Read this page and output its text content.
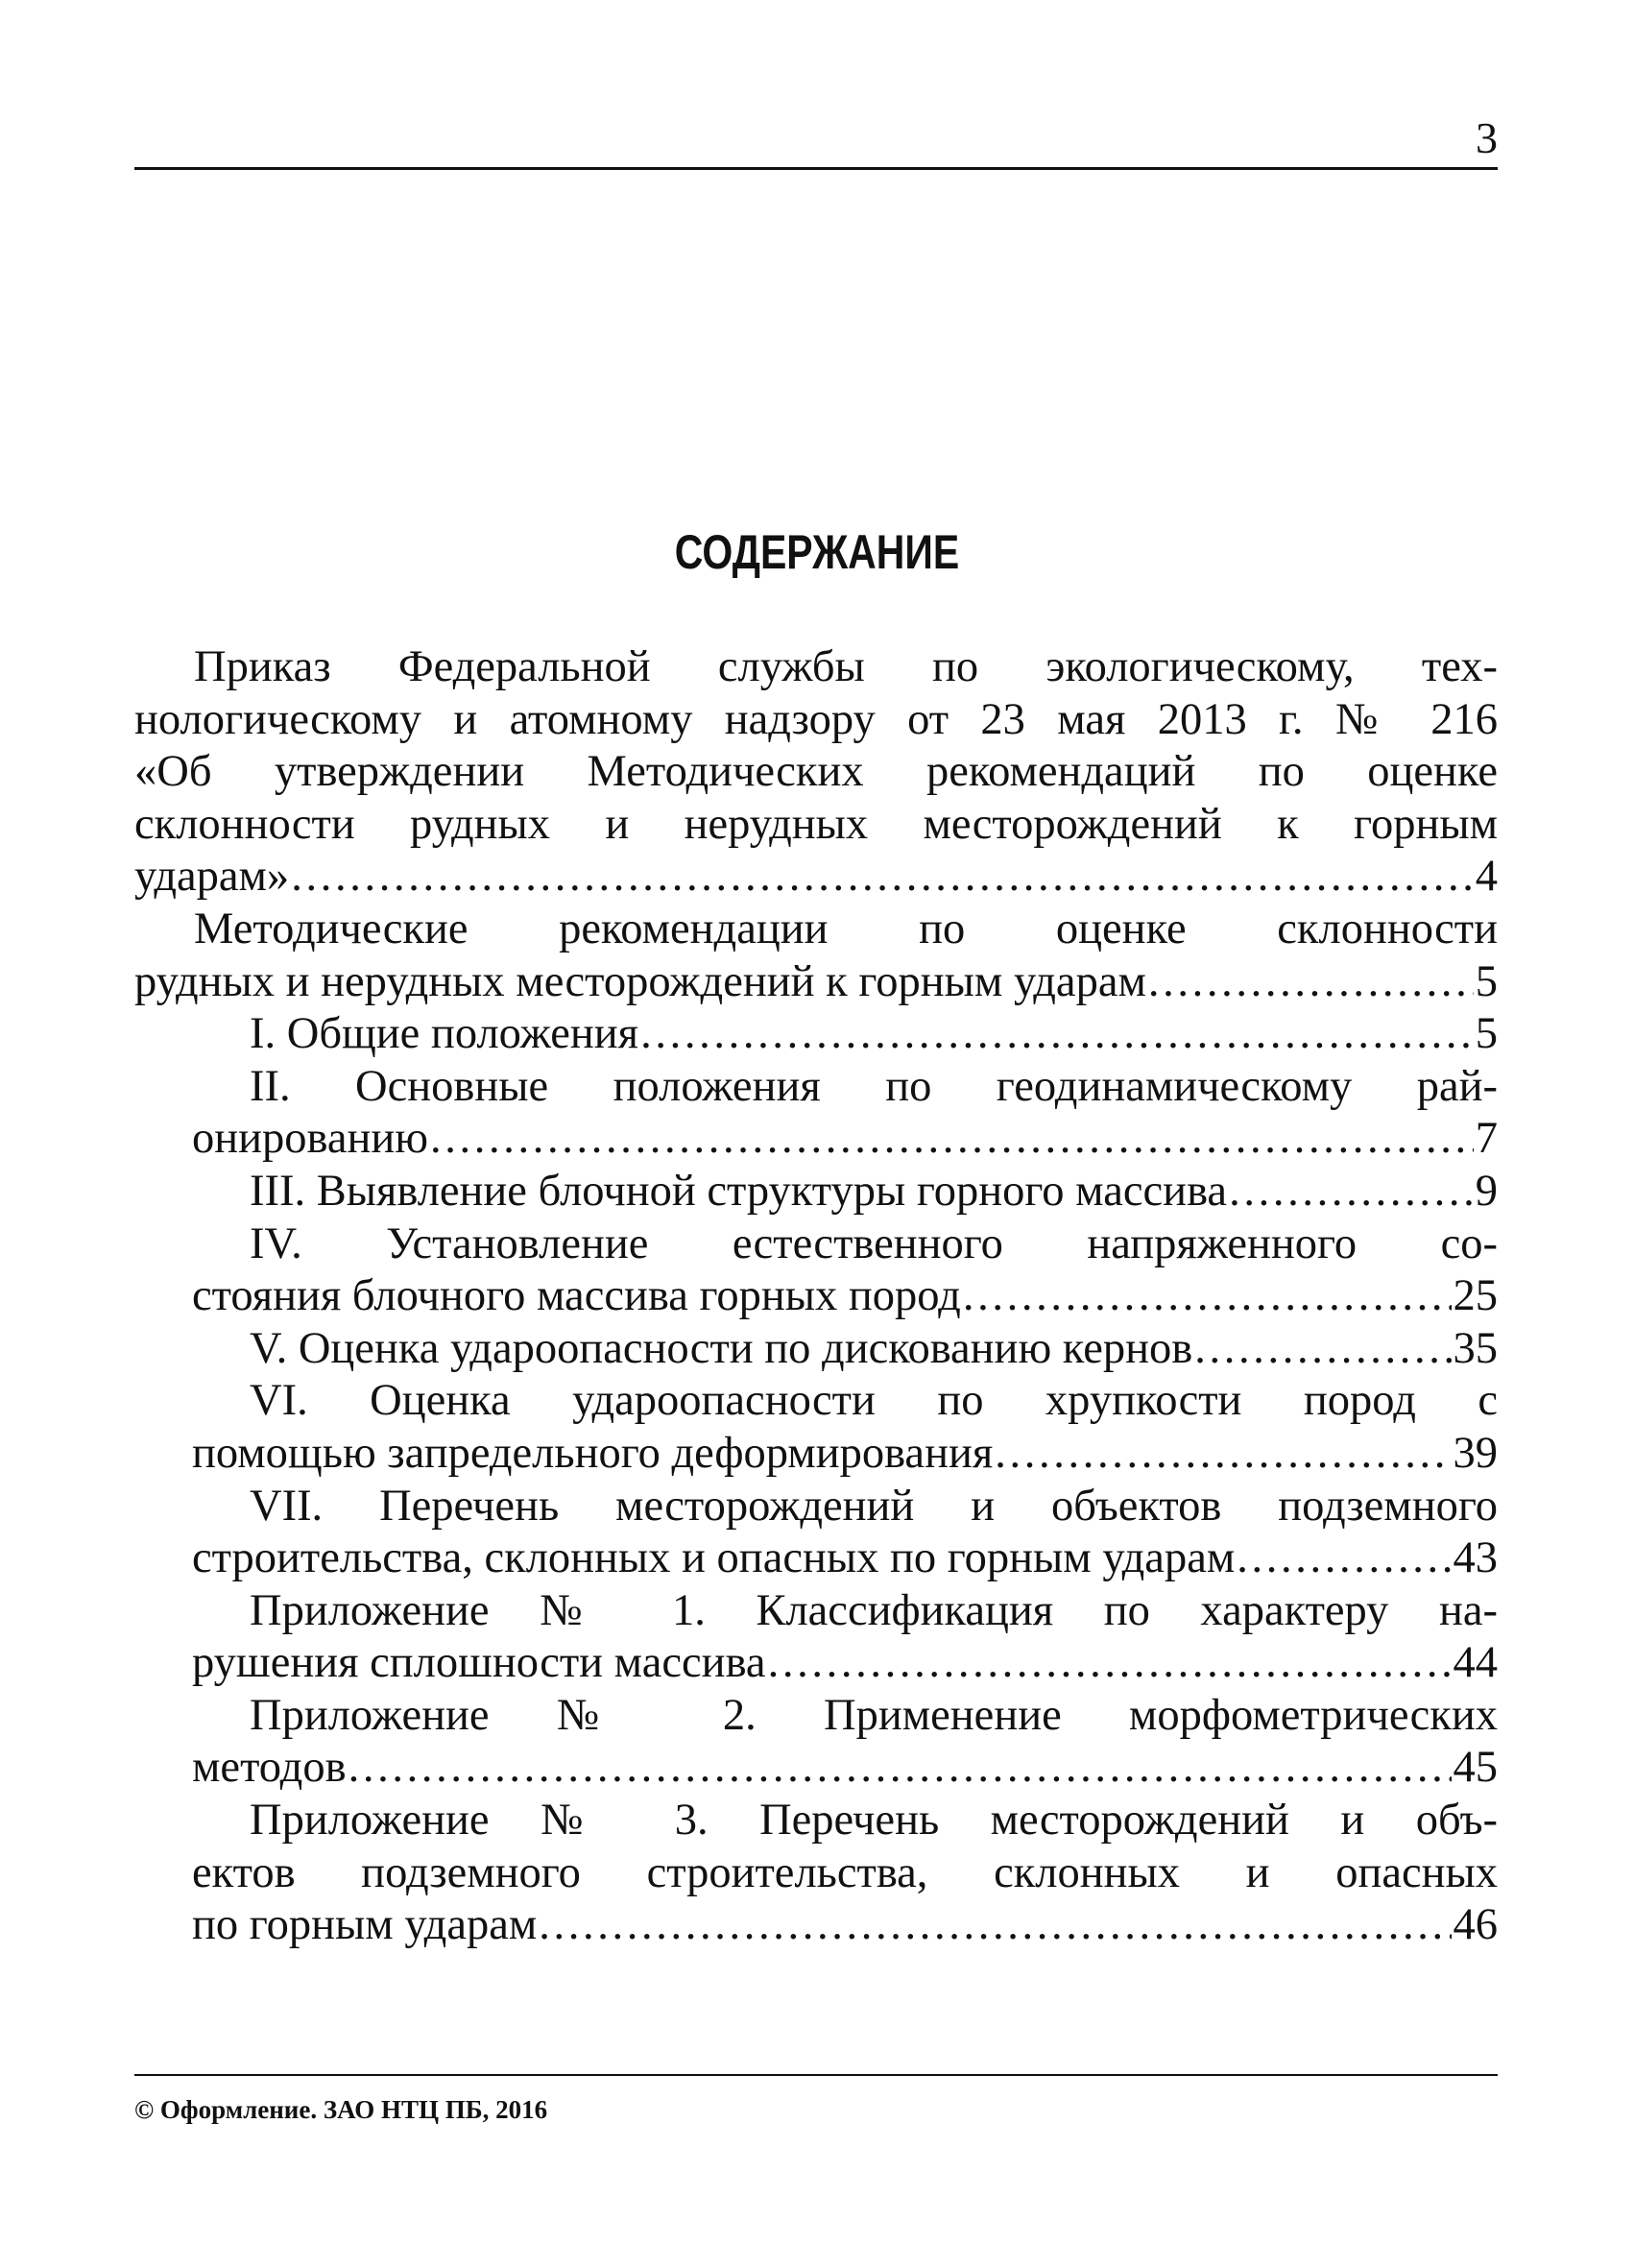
3
СОДЕРЖАНИЕ
Приказ Федеральной службы по экологическому, тех-
нологическому и атомному надзору от 23 мая 2013 г. № 216
«Об утверждении Методических рекомендаций по оценке
склонности рудных и нерудных месторождений к горным
ударам» . . .	4
Методические рекомендации по оценке склонности
рудных и нерудных месторождений к горным ударам . . .	5
I. Общие положения . . .	5
II. Основные положения по геодинамическому рай-
онированию . . .	7
III. Выявление блочной структуры горного массива . . .	9
IV. Установление естественного напряженного со-
стояния блочного массива горных пород . . .	25
V. Оценка удароопасности по дискованию кернов . . .	35
VI. Оценка удароопасности по хрупкости пород с
помощью запредельного деформирования . . .	39
VII. Перечень месторождений и объектов подземного
строительства, склонных и опасных по горным ударам . . .	43
Приложение № 1. Классификация по характеру на-
рушения сплошности массива . . .	44
Приложение № 2. Применение морфометрических
методов . . .	45
Приложение № 3. Перечень месторождений и объ-
ектов подземного строительства, склонных и опасных
по горным ударам . . .	46
© Оформление. ЗАО НТЦ ПБ, 2016
